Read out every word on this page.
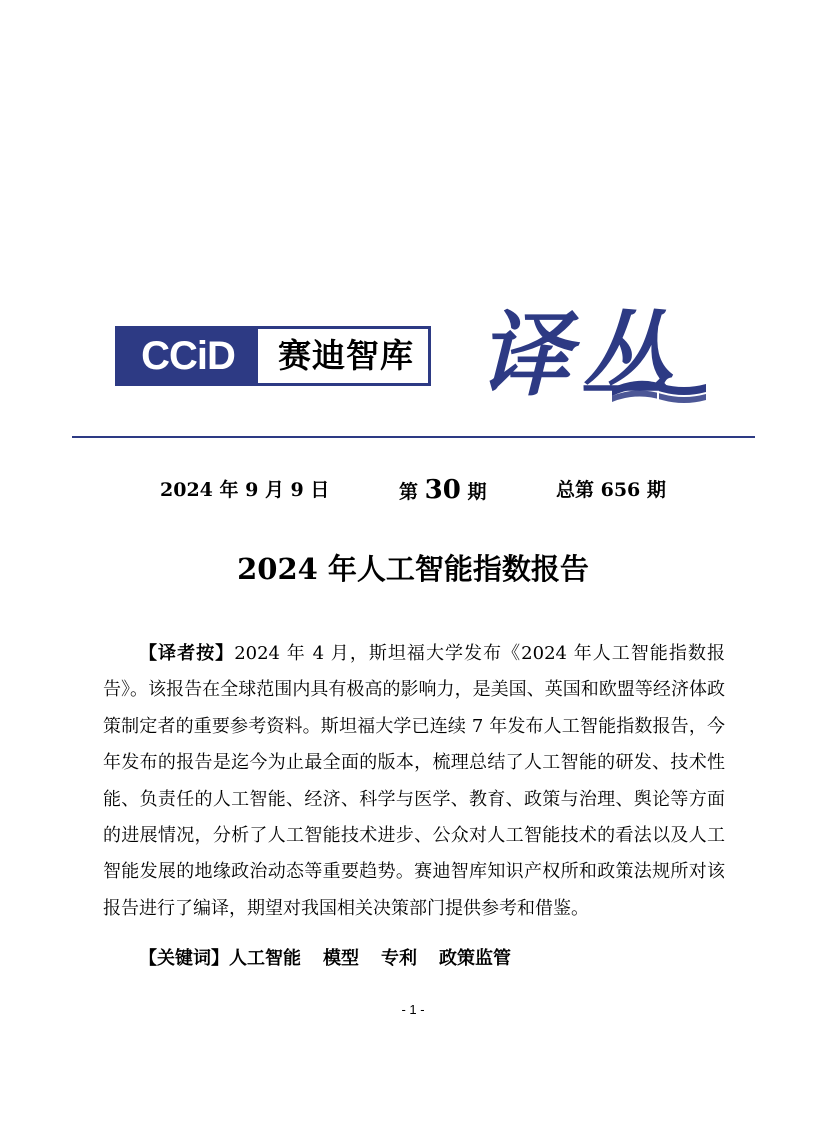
CCiD	赛迪智库 译丛
2024 年 9 月 9 日	第 30 期	总第 656 期
2024 年人工智能指数报告
【译者按】2024 年 4 月，斯坦福大学发布《2024 年人工智能指数报告》。该报告在全球范围内具有极高的影响力，是美国、英国和欧盟等经济体政策制定者的重要参考资料。斯坦福大学已连续 7 年发布人工智能指数报告，今年发布的报告是迄今为止最全面的版本，梳理总结了人工智能的研发、技术性能、负责任的人工智能、经济、科学与医学、教育、政策与治理、舆论等方面的进展情况，分析了人工智能技术进步、公众对人工智能技术的看法以及人工智能发展的地缘政治动态等重要趋势。赛迪智库知识产权所和政策法规所对该报告进行了编译，期望对我国相关决策部门提供参考和借鉴。
【关键词】人工智能 模型 专利 政策监管
- 1 -
